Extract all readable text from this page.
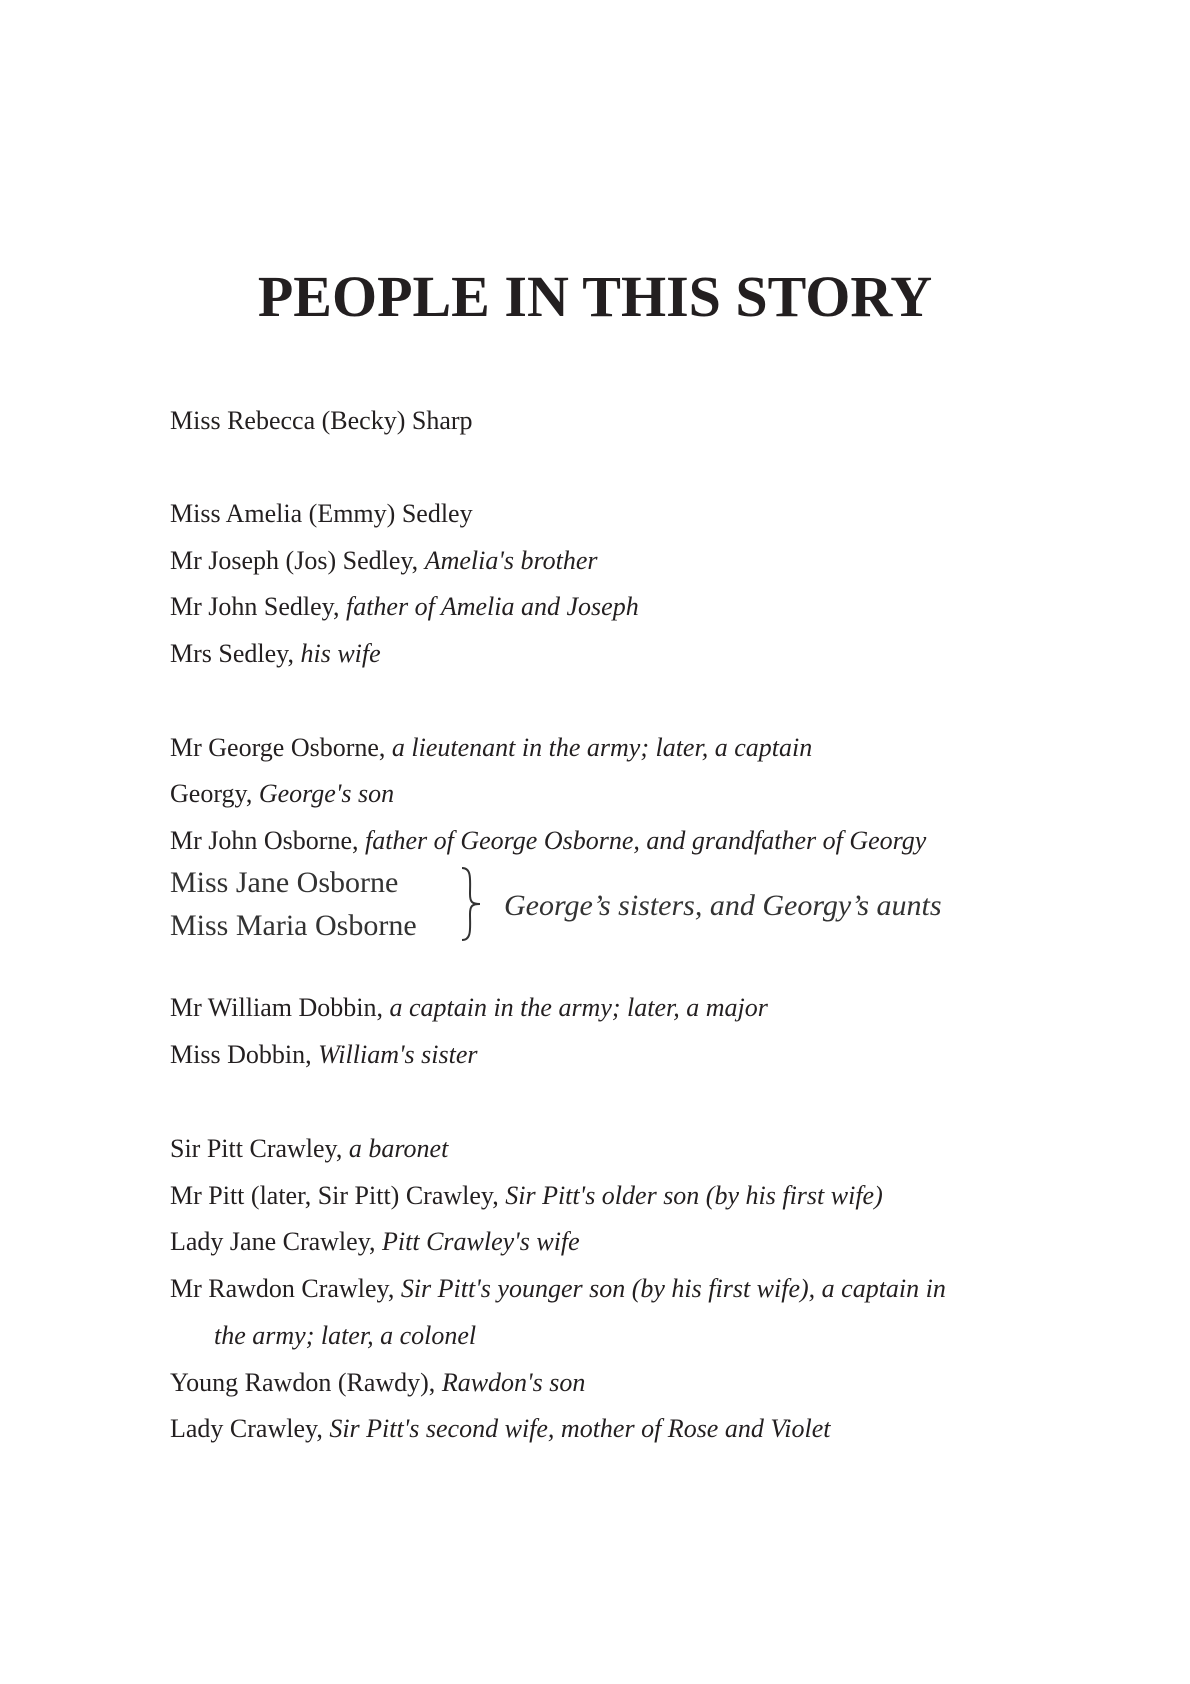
PEOPLE IN THIS STORY
Miss Rebecca (Becky) Sharp
Miss Amelia (Emmy) Sedley
Mr Joseph (Jos) Sedley, Amelia's brother
Mr John Sedley, father of Amelia and Joseph
Mrs Sedley, his wife
Mr George Osborne, a lieutenant in the army; later, a captain
Georgy, George's son
Mr John Osborne, father of George Osborne, and grandfather of Georgy
Miss Jane Osborne
Miss Maria Osborne
George’s sisters, and Georgy’s aunts
Mr William Dobbin, a captain in the army; later, a major
Miss Dobbin, William's sister
Sir Pitt Crawley, a baronet
Mr Pitt (later, Sir Pitt) Crawley, Sir Pitt's older son (by his first wife)
Lady Jane Crawley, Pitt Crawley's wife
Mr Rawdon Crawley, Sir Pitt's younger son (by his first wife), a captain in
the army; later, a colonel
Young Rawdon (Rawdy), Rawdon's son
Lady Crawley, Sir Pitt's second wife, mother of Rose and Violet
